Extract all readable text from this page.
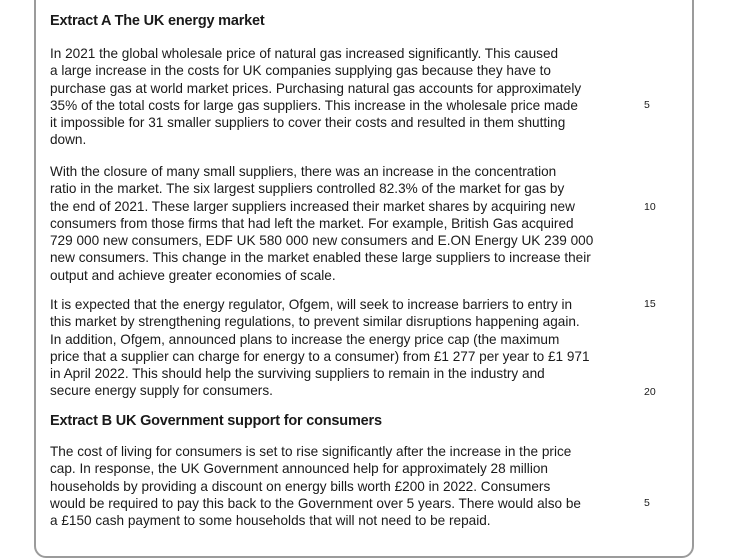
Extract A The UK energy market
In 2021 the global wholesale price of natural gas increased significantly. This caused
a large increase in the costs for UK companies supplying gas because they have to
purchase gas at world market prices. Purchasing natural gas accounts for approximately
35% of the total costs for large gas suppliers. This increase in the wholesale price made
it impossible for 31 smaller suppliers to cover their costs and resulted in them shutting
down.
With the closure of many small suppliers, there was an increase in the concentration
ratio in the market. The six largest suppliers controlled 82.3% of the market for gas by
the end of 2021. These larger suppliers increased their market shares by acquiring new
consumers from those firms that had left the market. For example, British Gas acquired
729 000 new consumers, EDF UK 580 000 new consumers and E.ON Energy UK 239 000
new consumers. This change in the market enabled these large suppliers to increase their
output and achieve greater economies of scale.
It is expected that the energy regulator, Ofgem, will seek to increase barriers to entry in
this market by strengthening regulations, to prevent similar disruptions happening again.
In addition, Ofgem, announced plans to increase the energy price cap (the maximum
price that a supplier can charge for energy to a consumer) from £1 277 per year to £1 971
in April 2022. This should help the surviving suppliers to remain in the industry and
secure energy supply for consumers.
5
10
15
20
Extract B UK Government support for consumers
The cost of living for consumers is set to rise significantly after the increase in the price
cap. In response, the UK Government announced help for approximately 28 million
households by providing a discount on energy bills worth £200 in 2022. Consumers
would be required to pay this back to the Government over 5 years. There would also be
a £150 cash payment to some households that will not need to be repaid.
5
